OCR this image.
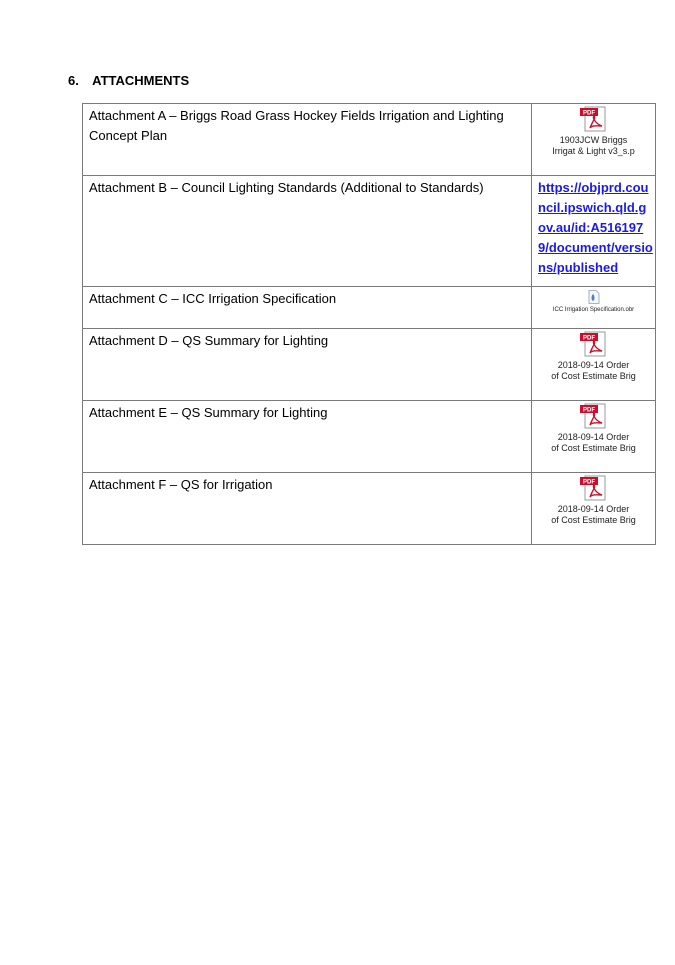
6. ATTACHMENTS
Attachment A – Briggs Road Grass Hockey Fields Irrigation and Lighting Concept Plan	PDF
1903JCW Briggs
Irrigat & Light v3_s.p

Attachment B – Council Lighting Standards (Additional to Standards)	https://objprd.council.ipswich.qld.gov.au/id:A5161979/document/versions/published

Attachment C – ICC Irrigation Specification	ICC Irrigation Specification.obr

Attachment D – QS Summary for Lighting	PDF
2018-09-14 Order
of Cost Estimate Brig

Attachment E – QS Summary for Lighting	PDF
2018-09-14 Order
of Cost Estimate Brig

Attachment F – QS for Irrigation	PDF
2018-09-14 Order
of Cost Estimate Brig
